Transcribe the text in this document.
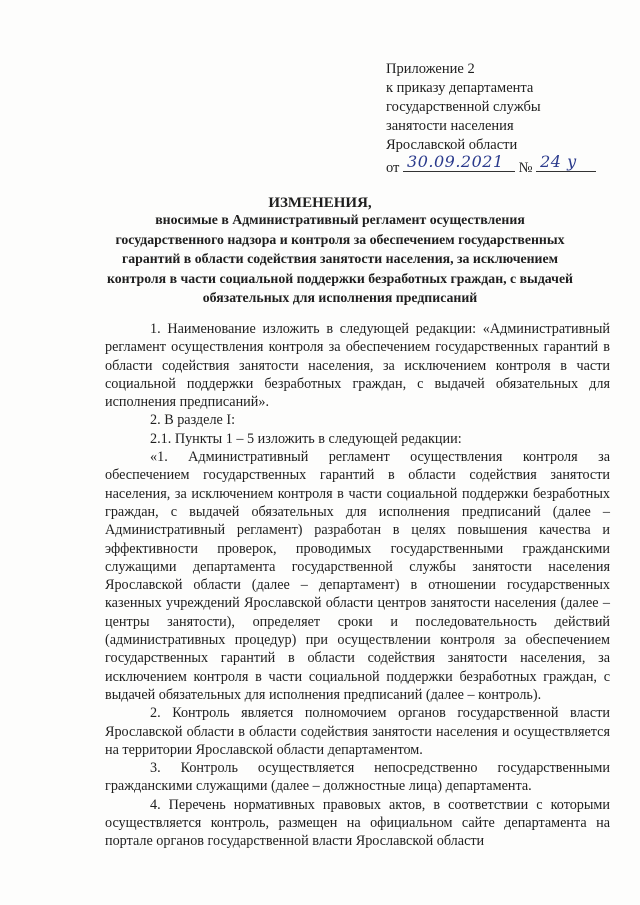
Приложение 2
к приказу департамента
государственной службы
занятости населения
Ярославской области
от 30.09.2021 № 24 у
ИЗМЕНЕНИЯ,
вносимые в Административный регламент осуществления государственного надзора и контроля за обеспечением государственных гарантий в области содействия занятости населения, за исключением контроля в части социальной поддержки безработных граждан, с выдачей обязательных для исполнения предписаний

1. Наименование изложить в следующей редакции: «Административный регламент осуществления контроля за обеспечением государственных гарантий в области содействия занятости населения, за исключением контроля в части социальной поддержки безработных граждан, с выдачей обязательных для исполнения предписаний».

2. В разделе I:

2.1. Пункты 1 – 5 изложить в следующей редакции:

«1. Административный регламент осуществления контроля за обеспечением государственных гарантий в области содействия занятости населения, за исключением контроля в части социальной поддержки безработных граждан, с выдачей обязательных для исполнения предписаний (далее – Административный регламент) разработан в целях повышения качества и эффективности проверок, проводимых государственными гражданскими служащими департамента государственной службы занятости населения Ярославской области (далее – департамент) в отношении государственных казенных учреждений Ярославской области центров занятости населения (далее – центры занятости), определяет сроки и последовательность действий (административных процедур) при осуществлении контроля за обеспечением государственных гарантий в области содействия занятости населения, за исключением контроля в части социальной поддержки безработных граждан, с выдачей обязательных для исполнения предписаний (далее – контроль).

2. Контроль является полномочием органов государственной власти Ярославской области в области содействия занятости населения и осуществляется на территории Ярославской области департаментом.

3. Контроль осуществляется непосредственно государственными гражданскими служащими (далее – должностные лица) департамента.

4. Перечень нормативных правовых актов, в соответствии с которыми осуществляется контроль, размещен на официальном сайте департамента на портале органов государственной власти Ярославской области
